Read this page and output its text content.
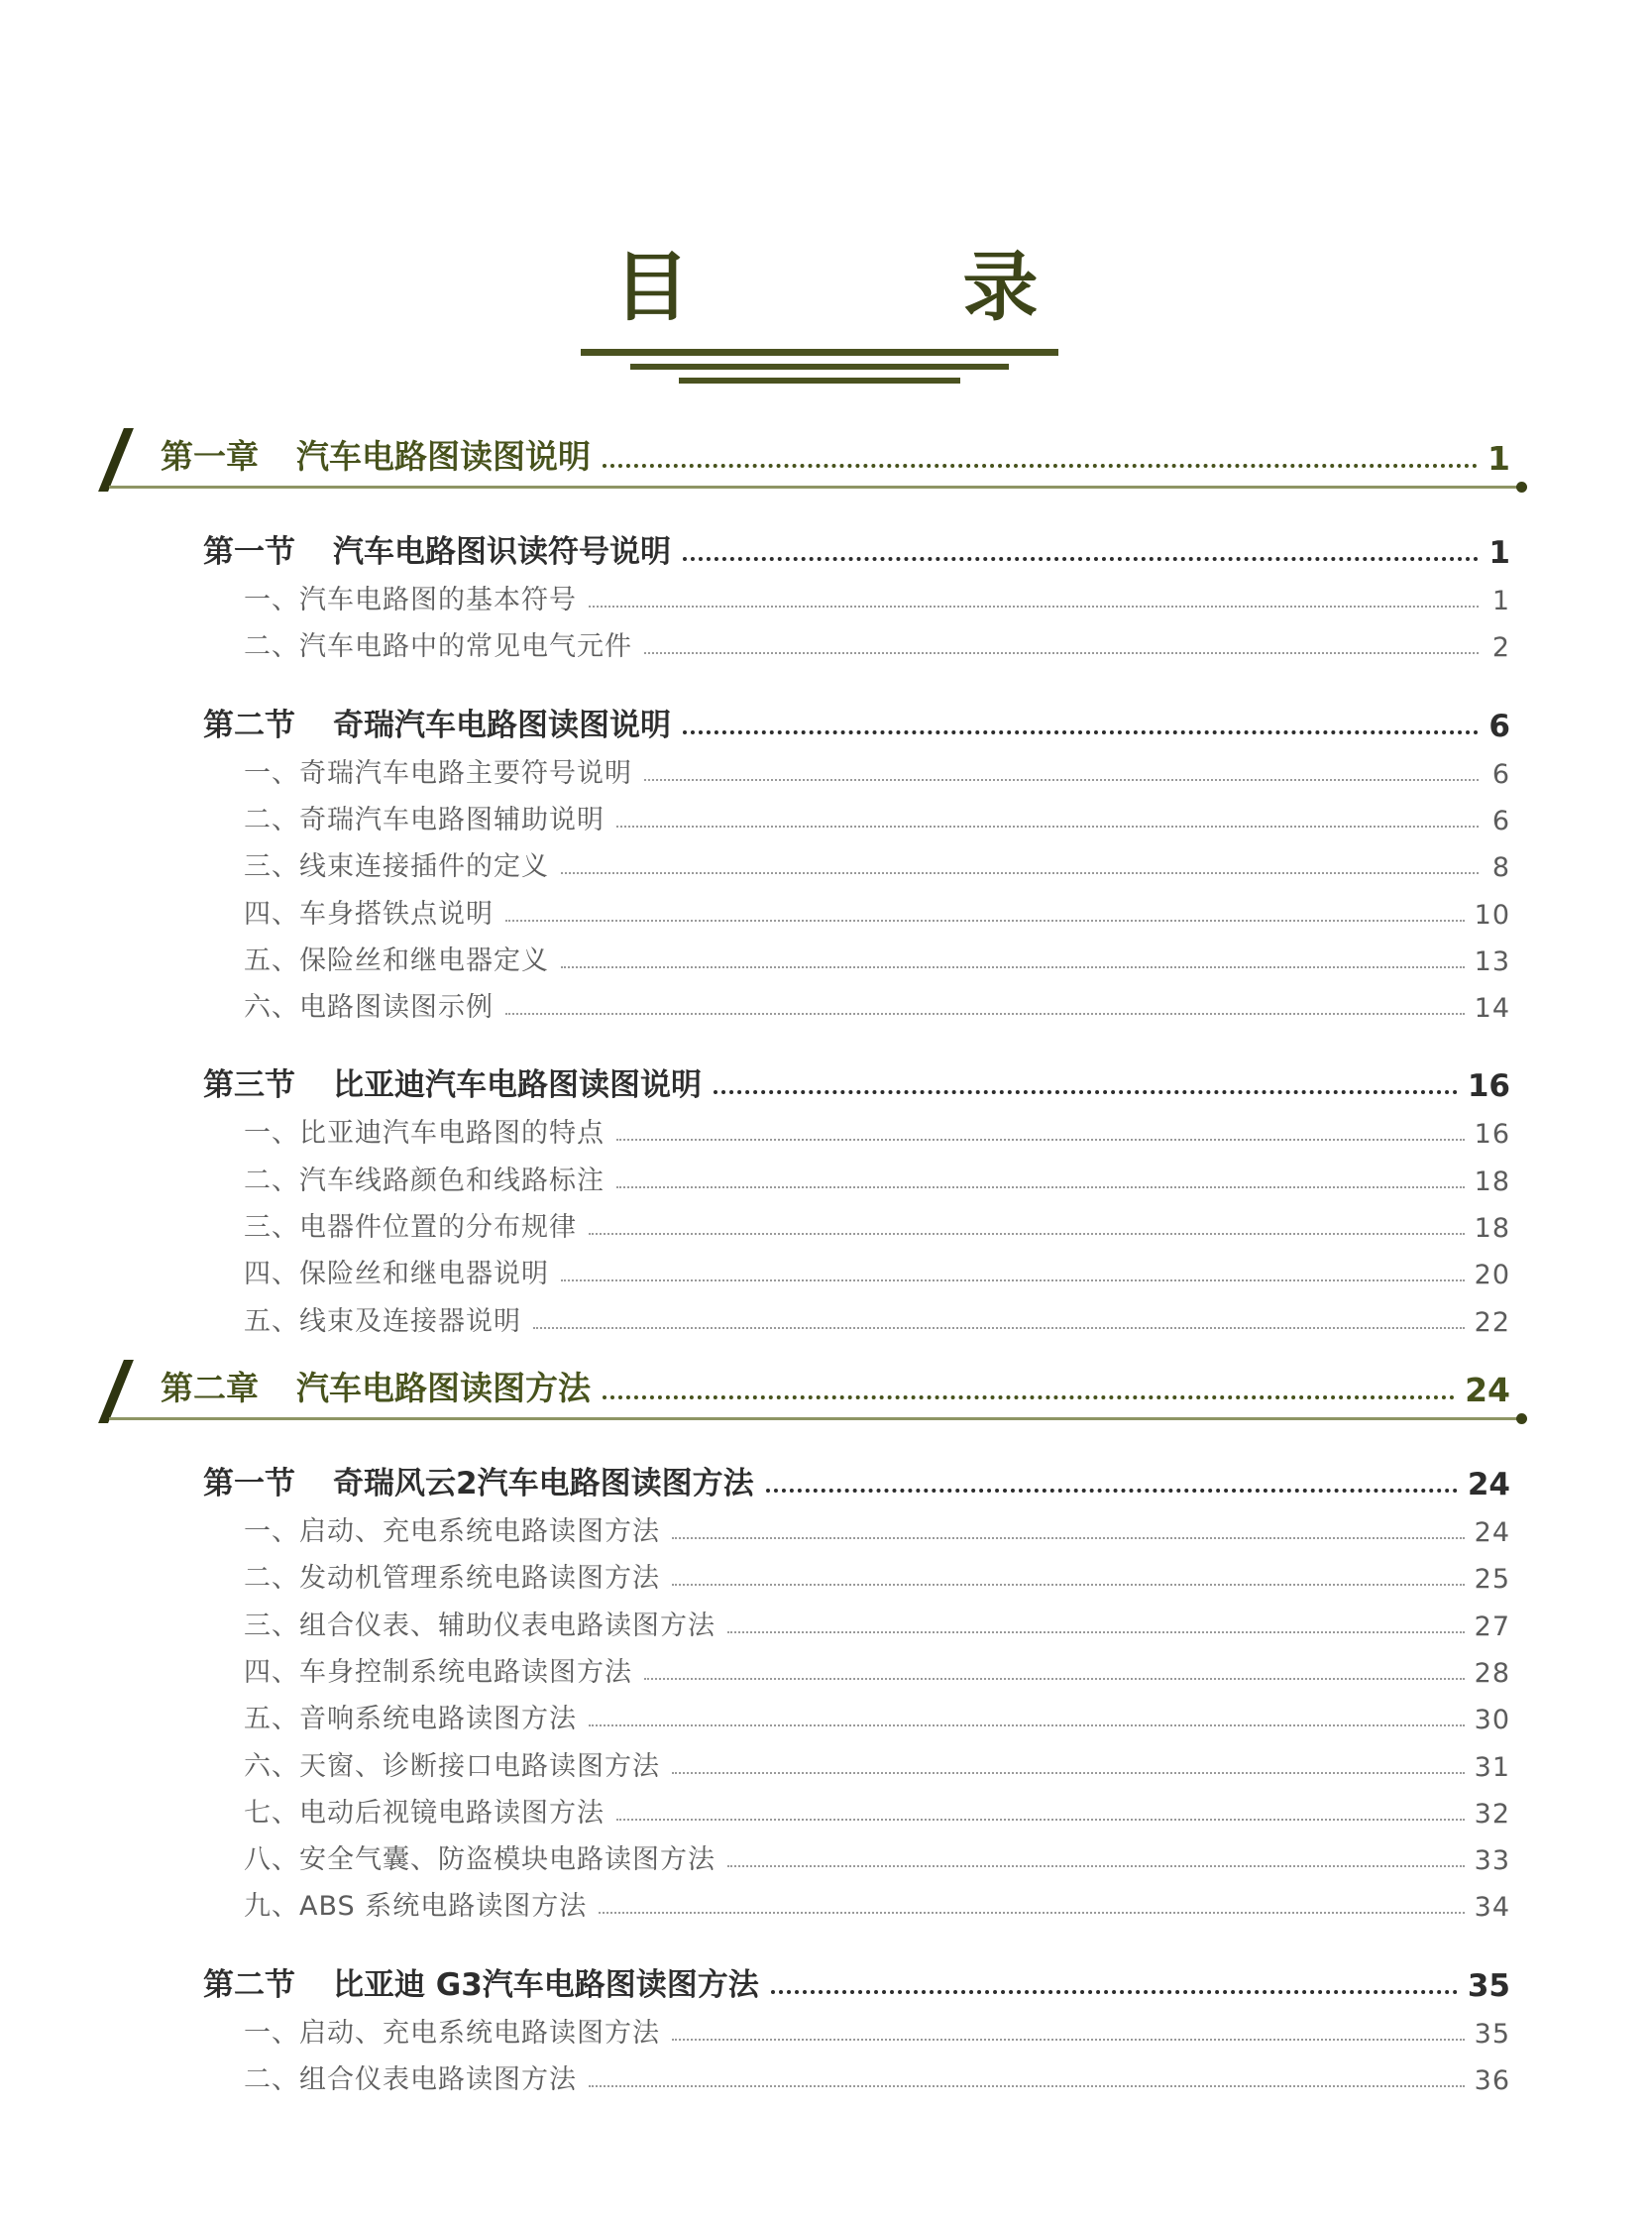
目　录
第一章 汽车电路图读图说明	1
第一节 汽车电路图识读符号说明	1
一、汽车电路图的基本符号	1
二、汽车电路中的常见电气元件	2
第二节 奇瑞汽车电路图读图说明	6
一、奇瑞汽车电路主要符号说明	6
二、奇瑞汽车电路图辅助说明	6
三、线束连接插件的定义	8
四、车身搭铁点说明	10
五、保险丝和继电器定义	13
六、电路图读图示例	14
第三节 比亚迪汽车电路图读图说明	16
一、比亚迪汽车电路图的特点	16
二、汽车线路颜色和线路标注	18
三、电器件位置的分布规律	18
四、保险丝和继电器说明	20
五、线束及连接器说明	22
第二章 汽车电路图读图方法	24
第一节 奇瑞风云2汽车电路图读图方法	24
一、启动、充电系统电路读图方法	24
二、发动机管理系统电路读图方法	25
三、组合仪表、辅助仪表电路读图方法	27
四、车身控制系统电路读图方法	28
五、音响系统电路读图方法	30
六、天窗、诊断接口电路读图方法	31
七、电动后视镜电路读图方法	32
八、安全气囊、防盗模块电路读图方法	33
九、ABS 系统电路读图方法	34
第二节 比亚迪 G3汽车电路图读图方法	35
一、启动、充电系统电路读图方法	35
二、组合仪表电路读图方法	36
